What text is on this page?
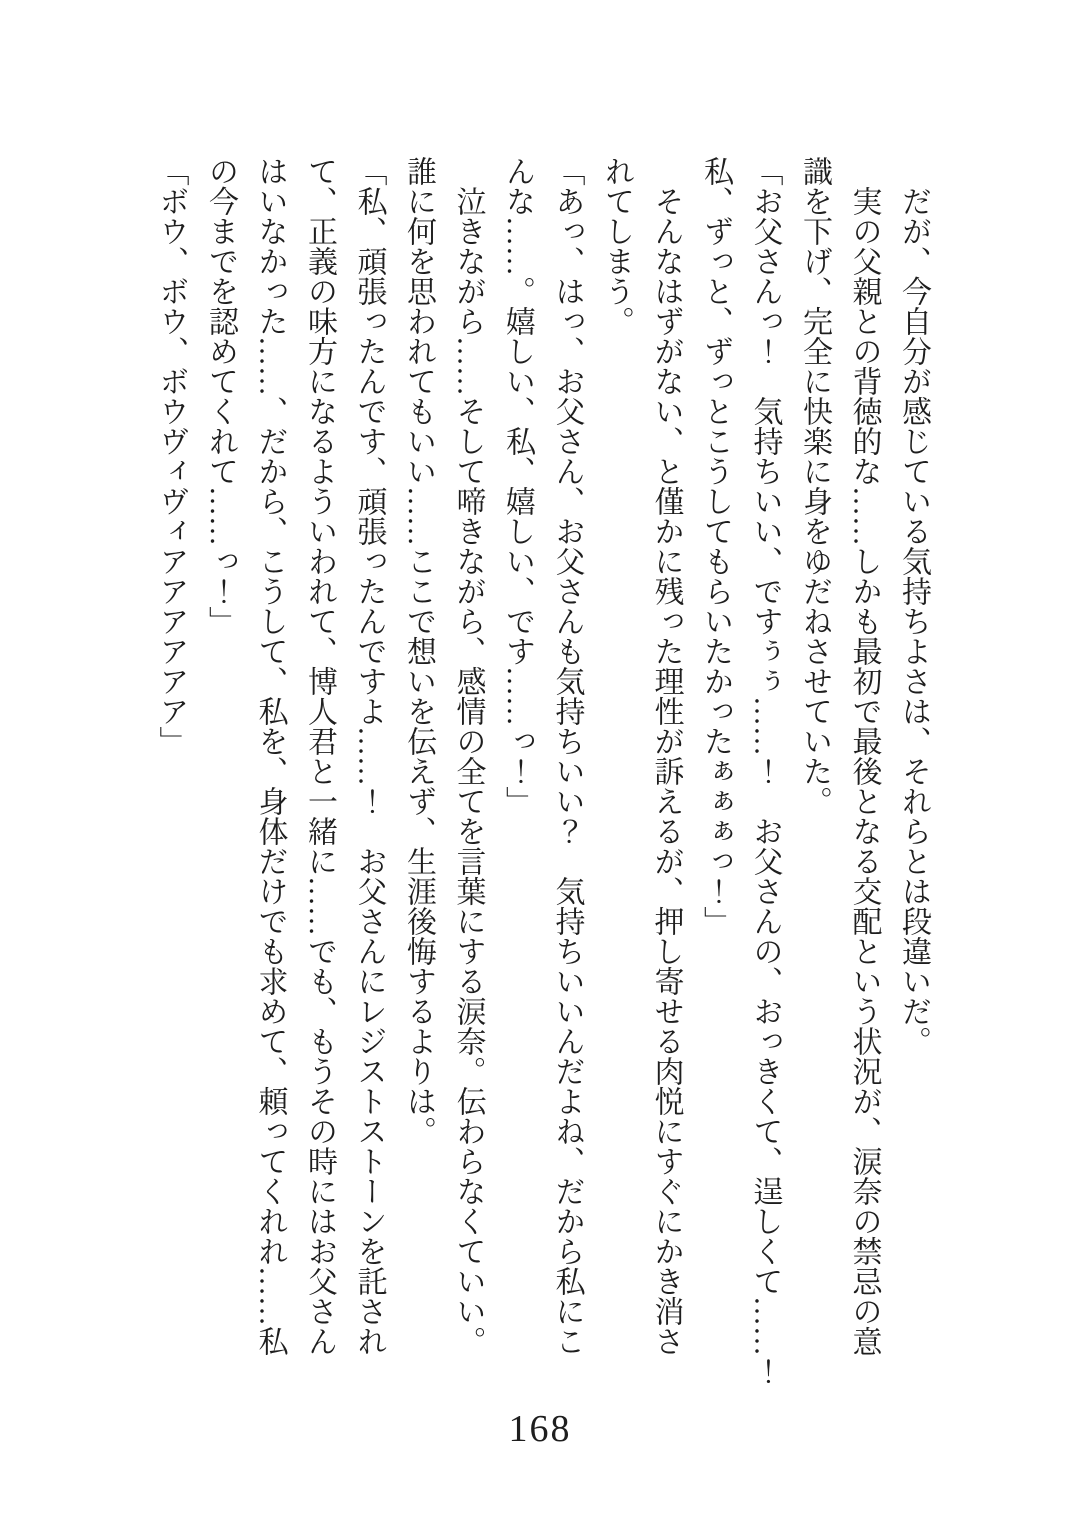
だが、今自分が感じている気持ちよさは、それらとは段違いだ。
実の父親との背徳的な……しかも最初で最後となる交配という状況が、涙奈の禁忌の意
識を下げ、完全に快楽に身をゆだねさせていた。
「お父さんっ！　気持ちいい、ですぅぅ……！　お父さんの、おっきくて、逞しくて……！
私、ずっと、ずっとこうしてもらいたかったぁぁぁっ！」
そんなはずがない、と僅かに残った理性が訴えるが、押し寄せる肉悦にすぐにかき消さ
れてしまう。
「あっ、はっ、お父さん、お父さんも気持ちいい？　気持ちいいんだよね、だから私にこ
んな……。嬉しい、私、嬉しい、です……っ！」
泣きながら……そして啼きながら、感情の全てを言葉にする涙奈。伝わらなくていい。
誰に何を思われてもいい……ここで想いを伝えず、生涯後悔するよりは。
「私、頑張ったんです、頑張ったんですよ……！　お父さんにレジストストーンを託され
て、正義の味方になるよういわれて、博人君と一緒に……でも、もうその時にはお父さん
はいなかった……、だから、こうして、私を、身体だけでも求めて、頼ってくれれ……私
の今までを認めてくれて……っ！」
「ボウ、ボウ、ボウヴィヴィアアアアアア」
168
